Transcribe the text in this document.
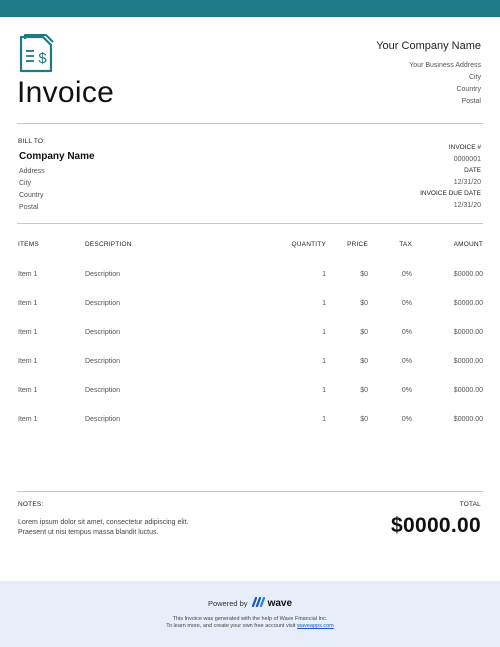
$
Invoice
Your Company Name
Your Business Address
City
Country
Postal
BILL TO:
Company Name
Address
City
Country
Postal
INVOICE #
0000001
DATE
12/31/20
INVOICE DUE DATE
12/31/20
ITEMS	DESCRIPTION	QUANTITY	PRICE	TAX	AMOUNT
Item 1	Description	1	$0	0%	$0000.00
Item 1	Description	1	$0	0%	$0000.00
Item 1	Description	1	$0	0%	$0000.00
Item 1	Description	1	$0	0%	$0000.00
Item 1	Description	1	$0	0%	$0000.00
Item 1	Description	1	$0	0%	$0000.00
NOTES:
Lorem ipsum dolor sit amet, consectetur adipiscing elit.
Praesent ut nisi tempus massa blandit luctus.
TOTAL
$0000.00
Powered by wave
This Invoice was generated with the help of Wave Financial Inc.
To learn more, and create your own free account visit waveapps.com
